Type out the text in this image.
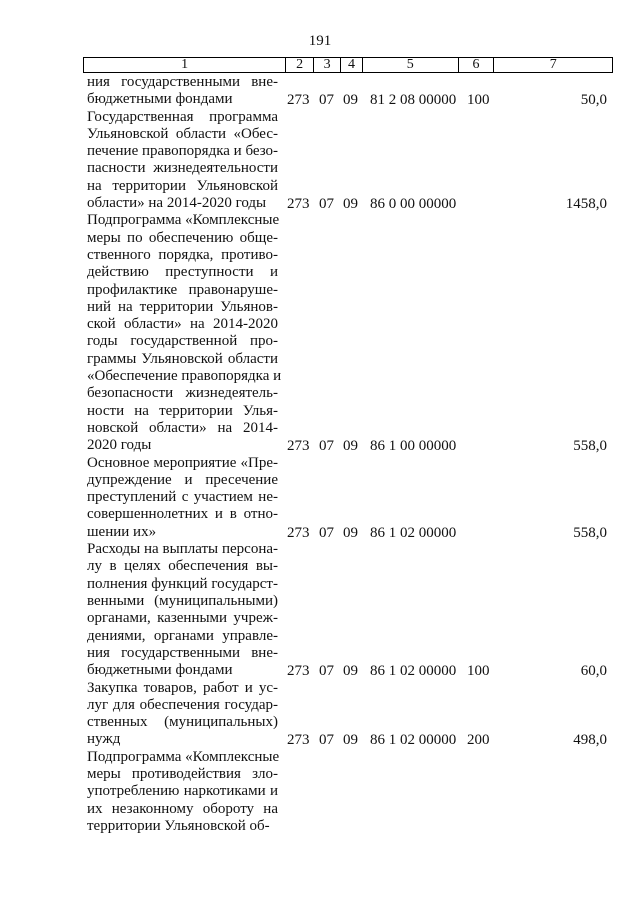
191
1	2	3	4	5	6	7
ния государственными вне-
бюджетными фондами	273 07 09 81 2 08 00000 100	50,0
Государственная программа
Ульяновской области «Обес-
печение правопорядка и безо-
пасности жизнедеятельности
на территории Ульяновской
области» на 2014-2020 годы	273 07 09 86 0 00 00000	1458,0
Подпрограмма «Комплексные
меры по обеспечению обще-
ственного порядка, противо-
действию преступности и
профилактике правонаруше-
ний на территории Ульянов-
ской области» на 2014-2020
годы государственной про-
граммы Ульяновской области
«Обеспечение правопорядка и
безопасности жизнедеятель-
ности на территории Улья-
новской области» на 2014-
2020 годы	273 07 09 86 1 00 00000	558,0
Основное мероприятие «Пре-
дупреждение и пресечение
преступлений с участием не-
совершеннолетних и в отно-
шении их»	273 07 09 86 1 02 00000	558,0
Расходы на выплаты персона-
лу в целях обеспечения вы-
полнения функций государст-
венными (муниципальными)
органами, казенными учреж-
дениями, органами управле-
ния государственными вне-
бюджетными фондами	273 07 09 86 1 02 00000 100	60,0
Закупка товаров, работ и ус-
луг для обеспечения государ-
ственных (муниципальных)
нужд	273 07 09 86 1 02 00000 200	498,0
Подпрограмма «Комплексные
меры противодействия зло-
употреблению наркотиками и
их незаконному обороту на
территории Ульяновской об-
